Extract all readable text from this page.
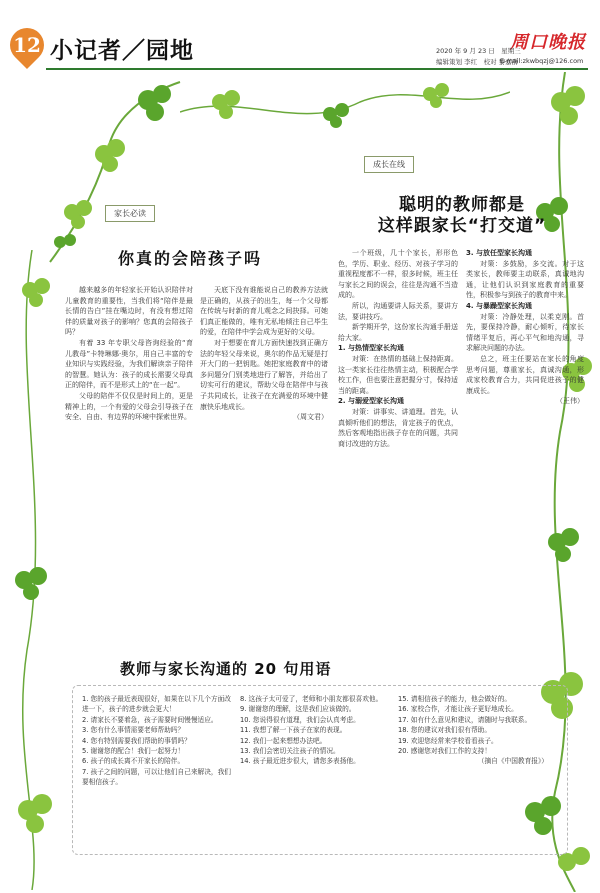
12 小记者／园地	周口晚报
2020 年 9 月 23 日　星期三
编辑策划 李红　校对 黎嘉群
E-mail:zkwbqzj@126.com
家长必读
你真的会陪孩子吗

越来越多的年轻家长开始认识陪伴对儿童教育的重要性，当我们将“陪伴是最长情的告白”挂在嘴边时，有没有想过陪伴的质量对孩子的影响？您真的会陪孩子吗？

有着 33 年专职父母咨询经验的“育儿教母”卡特琳娜·奥尔，用自己丰富的专业知识与实践经验，为我们解读亲子陪伴的智慧。她认为：孩子的成长需要父母真正的陪伴，而不是形式上的“在一起”。

父母的陪伴不仅仅是时间上的，更是精神上的，一个有爱的父母会引导孩子在安全、自由、有边界的环境中探索世界。

天底下没有谁能说自己的教养方法就是正确的，从孩子的出生，每一个父母都在传统与时新的育儿观念之间抉择。可她们真正能做的，唯有无私地倾注自己毕生的爱，在陪伴中学会成为更好的父母。

对于想要在育儿方面快速找到正确方法的年轻父母来说，奥尔的作品无疑是打开大门的一把钥匙。她把家庭教育中的诸多问题分门别类地进行了解答，并给出了切实可行的建议，帮助父母在陪伴中与孩子共同成长，让孩子在充满爱的环境中健康快乐地成长。

（周文君）

成长在线
聪明的教师都是
这样跟家长“打交道”

一个班级，几十个家长，形形色色，学历、职业、经历、对孩子学习的重视程度都不一样，很多时候，班主任与家长之间的误会，往往是沟通不当造成的。

所以，沟通要讲人际关系，要讲方法，要讲技巧。

新学期开学，这份家长沟通手册送给大家。

1. 与热情型家长沟通

对策：在热情的基础上保持距离。这一类家长往往热情主动，积极配合学校工作，但也要注意把握分寸，保持适当的距离。

2. 与溺爱型家长沟通

对策：讲事实、讲道理。首先，认真倾听他们的想法，肯定孩子的优点，然后客观地指出孩子存在的问题，共同商讨改进的方法。

3. 与放任型家长沟通

对策：多鼓励，多交流。对于这类家长，教师要主动联系，真诚地沟通，让他们认识到家庭教育的重要性，积极参与到孩子的教育中来。

4. 与暴躁型家长沟通

对策：冷静处理，以柔克刚。首先，要保持冷静，耐心倾听，待家长情绪平复后，再心平气和地沟通，寻求解决问题的办法。

总之，班主任要站在家长的角度思考问题，尊重家长，真诚沟通，形成家校教育合力，共同促进孩子的健康成长。

（王伟）

教师与家长沟通的 20 句用语
1. 您的孩子最近表现很好，如果在以下几个方面改进一下，孩子的进步就会更大！
2. 请家长不要着急，孩子需要时间慢慢适应。
3. 您有什么事情需要老师帮助吗？
4. 您有特别需要我们帮助的事情吗？
5. 谢谢您的配合！我们一起努力！
6. 孩子的成长离不开家长的陪伴。
7. 孩子之间的问题，可以让他们自己来解决，我们要相信孩子。
8. 这孩子太可爱了，老师和小朋友都很喜欢他。
9. 谢谢您的理解，这是我们应该做的。
10. 您说得很有道理，我们会认真考虑。
11. 我想了解一下孩子在家的表现。
12. 我们一起来想想办法吧。
13. 我们会密切关注孩子的情况。
14. 孩子最近进步很大，请您多表扬他。
15. 请相信孩子的能力，他会做好的。
16. 家校合作，才能让孩子更好地成长。
17. 如有什么意见和建议，请随时与我联系。
18. 您的建议对我们很有帮助。
19. 欢迎您经常来学校看看孩子。
20. 感谢您对我们工作的支持！
（摘自《中国教育报》）
